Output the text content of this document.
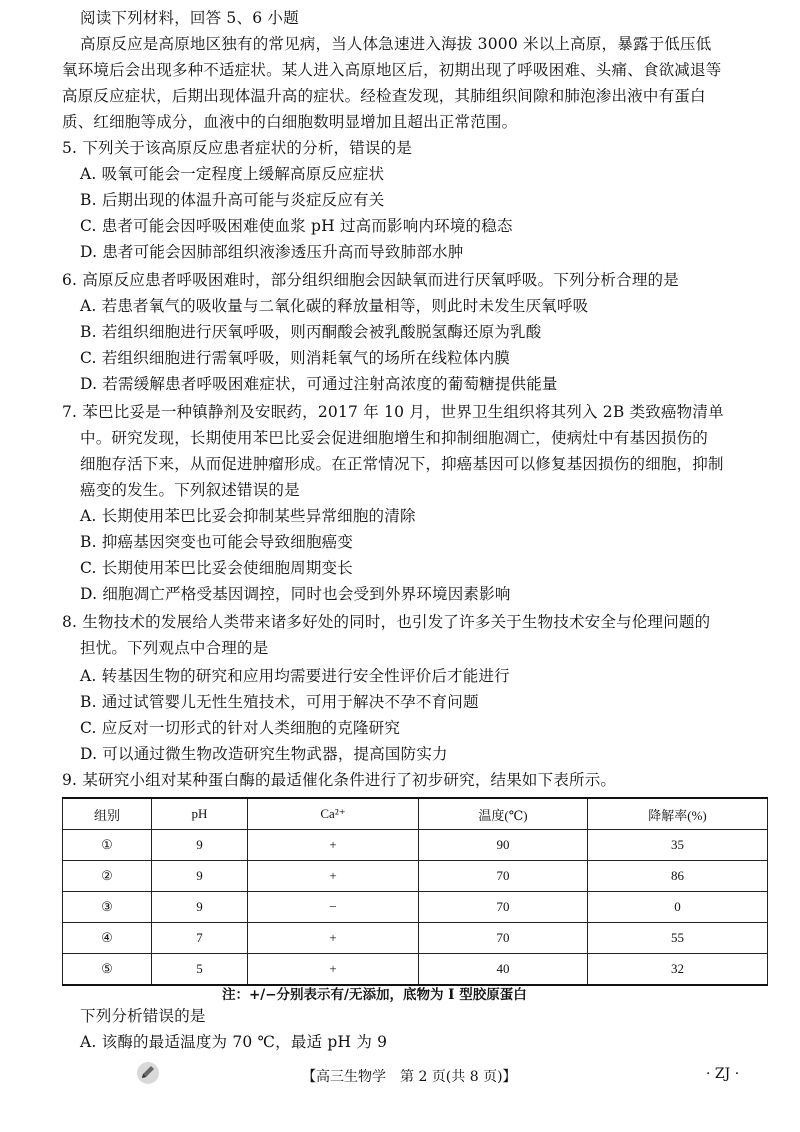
阅读下列材料，回答 5、6 小题
高原反应是高原地区独有的常见病，当人体急速进入海拔 3000 米以上高原，暴露于低压低
氧环境后会出现多种不适症状。某人进入高原地区后，初期出现了呼吸困难、头痛、食欲减退等
高原反应症状，后期出现体温升高的症状。经检查发现，其肺组织间隙和肺泡渗出液中有蛋白
质、红细胞等成分，血液中的白细胞数明显增加且超出正常范围。
5. 下列关于该高原反应患者症状的分析，错误的是
A. 吸氧可能会一定程度上缓解高原反应症状
B. 后期出现的体温升高可能与炎症反应有关
C. 患者可能会因呼吸困难使血浆 pH 过高而影响内环境的稳态
D. 患者可能会因肺部组织液渗透压升高而导致肺部水肿
6. 高原反应患者呼吸困难时，部分组织细胞会因缺氧而进行厌氧呼吸。下列分析合理的是
A. 若患者氧气的吸收量与二氧化碳的释放量相等，则此时未发生厌氧呼吸
B. 若组织细胞进行厌氧呼吸，则丙酮酸会被乳酸脱氢酶还原为乳酸
C. 若组织细胞进行需氧呼吸，则消耗氧气的场所在线粒体内膜
D. 若需缓解患者呼吸困难症状，可通过注射高浓度的葡萄糖提供能量
7. 苯巴比妥是一种镇静剂及安眠药，2017 年 10 月，世界卫生组织将其列入 2B 类致癌物清单
中。研究发现，长期使用苯巴比妥会促进细胞增生和抑制细胞凋亡，使病灶中有基因损伤的
细胞存活下来，从而促进肿瘤形成。在正常情况下，抑癌基因可以修复基因损伤的细胞，抑制
癌变的发生。下列叙述错误的是
A. 长期使用苯巴比妥会抑制某些异常细胞的清除
B. 抑癌基因突变也可能会导致细胞癌变
C. 长期使用苯巴比妥会使细胞周期变长
D. 细胞凋亡严格受基因调控，同时也会受到外界环境因素影响
8. 生物技术的发展给人类带来诸多好处的同时，也引发了许多关于生物技术安全与伦理问题的
担忧。下列观点中合理的是
A. 转基因生物的研究和应用均需要进行安全性评价后才能进行
B. 通过试管婴儿无性生殖技术，可用于解决不孕不育问题
C. 应反对一切形式的针对人类细胞的克隆研究
D. 可以通过微生物改造研究生物武器，提高国防实力
9. 某研究小组对某种蛋白酶的最适催化条件进行了初步研究，结果如下表所示。
组别	pH	Ca²⁺	温度(℃)	降解率(%)
①	9	+	90	35
②	9	+	70	86
③	9	−	70	0
④	7	+	70	55
⑤	5	+	40	32
注：+/−分别表示有/无添加，底物为 Ⅰ 型胶原蛋白
下列分析错误的是
A. 该酶的最适温度为 70 ℃，最适 pH 为 9
【高三生物学　第 2 页(共 8 页)】	· ZJ ·
